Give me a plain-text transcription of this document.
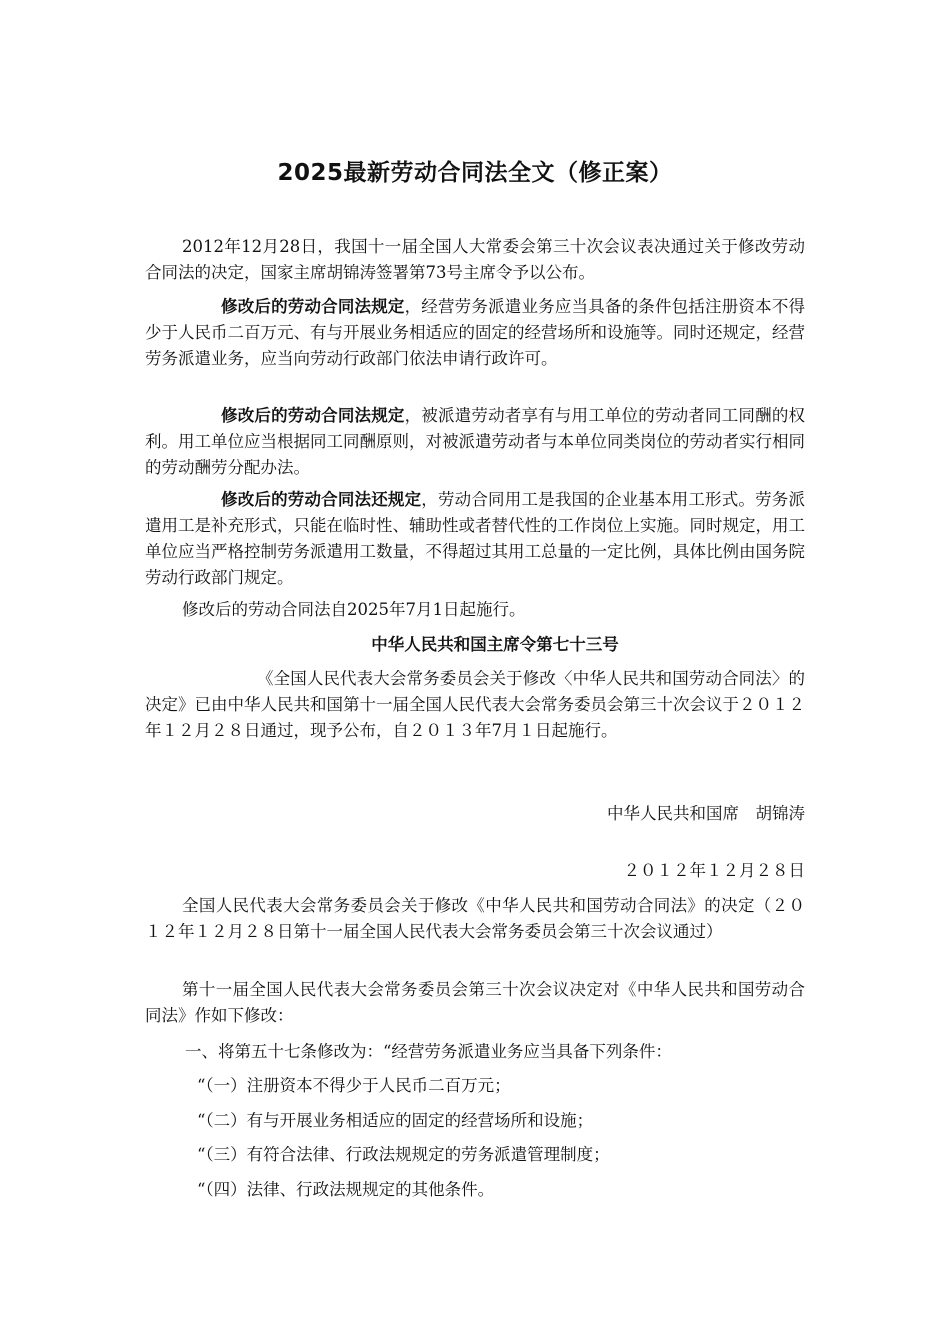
2025最新劳动合同法全文（修正案）

2012年12月28日，我国十一届全国人大常委会第三十次会议表决通过关于修改劳动合同法的决定，国家主席胡锦涛签署第73号主席令予以公布。

修改后的劳动合同法规定，经营劳务派遣业务应当具备的条件包括注册资本不得少于人民币二百万元、有与开展业务相适应的固定的经营场所和设施等。同时还规定，经营劳务派遣业务，应当向劳动行政部门依法申请行政许可。

修改后的劳动合同法规定，被派遣劳动者享有与用工单位的劳动者同工同酬的权利。用工单位应当根据同工同酬原则，对被派遣劳动者与本单位同类岗位的劳动者实行相同的劳动酬劳分配办法。

修改后的劳动合同法还规定，劳动合同用工是我国的企业基本用工形式。劳务派遣用工是补充形式，只能在临时性、辅助性或者替代性的工作岗位上实施。同时规定，用工单位应当严格控制劳务派遣用工数量，不得超过其用工总量的一定比例，具体比例由国务院劳动行政部门规定。

修改后的劳动合同法自2025年7月1日起施行。

中华人民共和国主席令第七十三号

《全国人民代表大会常务委员会关于修改〈中华人民共和国劳动合同法〉的决定》已由中华人民共和国第十一届全国人民代表大会常务委员会第三十次会议于２０１２年１２月２８日通过，现予公布，自２０１３年7月１日起施行。

中华人民共和国席　胡锦涛
２０１２年１２月２８日　

全国人民代表大会常务委员会关于修改《中华人民共和国劳动合同法》的决定（２０１２年１２月２８日第十一届全国人民代表大会常务委员会第三十次会议通过）

第十一届全国人民代表大会常务委员会第三十次会议决定对《中华人民共和国劳动合同法》作如下修改：

一、将第五十七条修改为：“经营劳务派遣业务应当具备下列条件：
“（一）注册资本不得少于人民币二百万元；
“（二）有与开展业务相适应的固定的经营场所和设施；
“（三）有符合法律、行政法规规定的劳务派遣管理制度；
“（四）法律、行政法规规定的其他条件。
